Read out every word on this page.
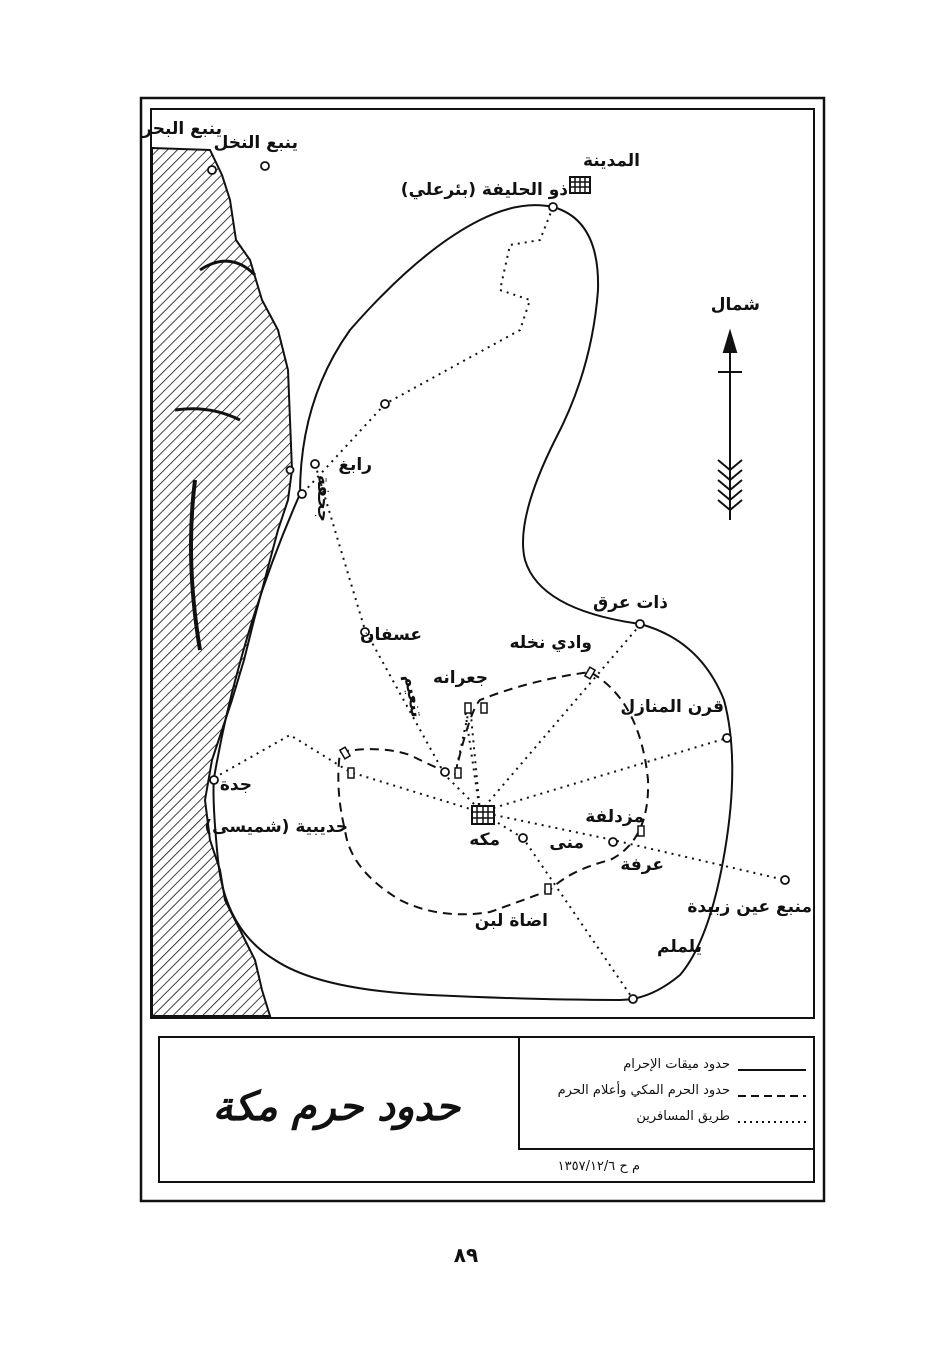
المدينة
ذو الحليفة (بئرعلي)
ينبع النخل
ينبع البحر
رابغ
عسفان
ذات عرق
وادي نخله
جعرانه
قرن المنازل
جدة
حديبية (شميسى)
مكه	منى
مزدلفة
عرفة
منبع عين زبيدة
اضاة لبن
يلملم
شمال
جحفة
تنعيم
حدود ميقات الإحرام
حدود الحرم المكي وأعلام الحرم
طريق المسافرين
حدود حرم مكة
م ح ١٣٥٧/١٢/٦
٨٩
